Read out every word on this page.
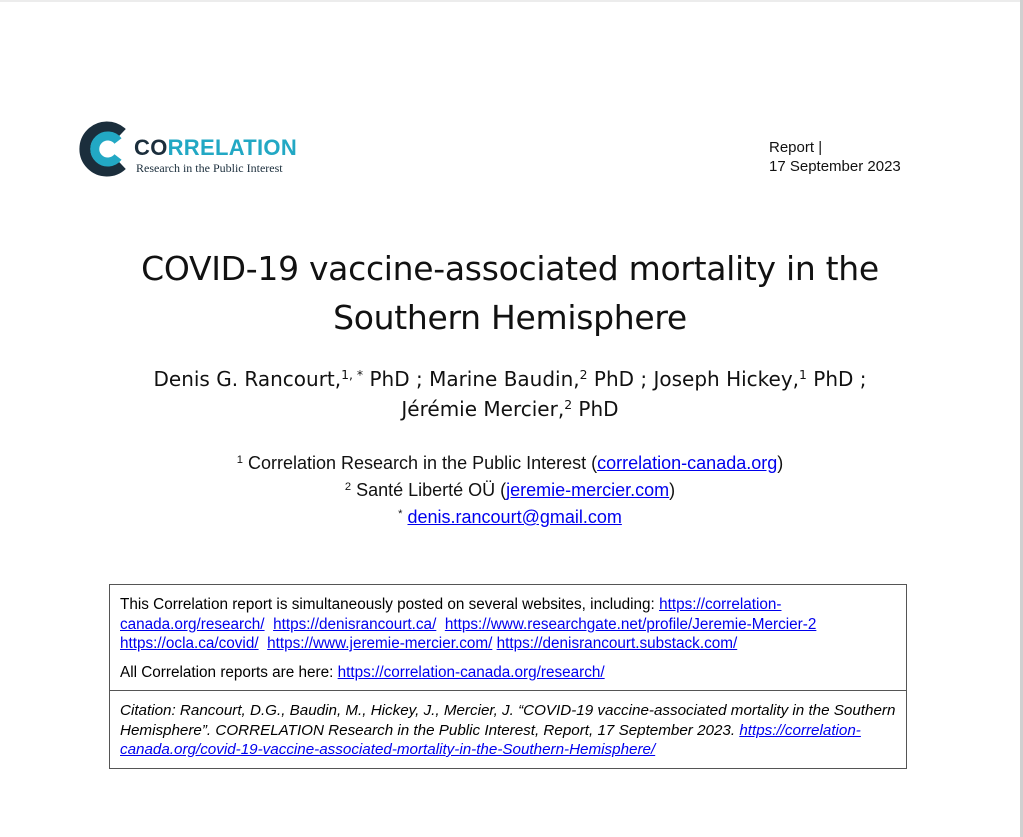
CORRELATION
Research in the Public Interest
Report |
17 September 2023
COVID-19 vaccine-associated mortality in the
Southern Hemisphere
Denis G. Rancourt,$^{1, *}$ PhD ; Marine Baudin,$^2$ PhD ; Joseph Hickey,$^1$ PhD ;
Jérémie Mercier,$^2$ PhD
$^1$ Correlation Research in the Public Interest (correlation-canada.org)
$^2$ Santé Liberté OÜ (jeremie-mercier.com)
* denis.rancourt@gmail.com
This Correlation report is simultaneously posted on several websites, including: https://correlation-canada.org/research/ https://denisrancourt.ca/ https://www.researchgate.net/profile/Jeremie-Mercier-2  https://ocla.ca/covid/ https://www.jeremie-mercier.com/ https://denisrancourt.substack.com/
All Correlation reports are here: https://correlation-canada.org/research/
Citation: Rancourt, D.G., Baudin, M., Hickey, J., Mercier, J. “COVID-19 vaccine-associated mortality in the Southern Hemisphere”. CORRELATION Research in the Public Interest, Report, 17 September 2023. https://correlation-canada.org/covid-19-vaccine-associated-mortality-in-the-Southern-Hemisphere/
